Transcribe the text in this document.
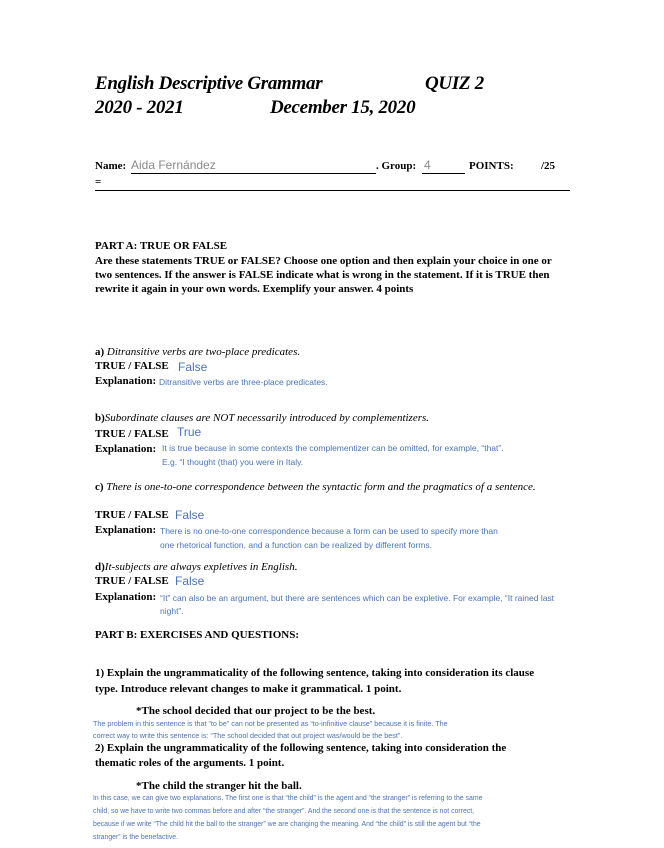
English Descriptive Grammar	QUIZ 2
2020 - 2021	December 15, 2020
Name: Aida Fernández	. Group: 4	POINTS: /25
=
PART A: TRUE OR FALSE
Are these statements TRUE or FALSE? Choose one option and then explain your choice in one or two sentences. If the answer is FALSE indicate what is wrong in the statement. If it is TRUE then rewrite it again in your own words. Exemplify your answer. 4 points
a) Ditransitive verbs are two-place predicates.
TRUE / FALSE False
Explanation: Ditransitive verbs are three-place predicates.
b)Subordinate clauses are NOT necessarily introduced by complementizers.
TRUE / FALSE True
Explanation: It is true because in some contexts the complementizer can be omitted, for example, “that”.
E.g. “I thought (that) you were in Italy.
c) There is one-to-one correspondence between the syntactic form and the pragmatics of a sentence.
TRUE / FALSE False
Explanation: There is no one-to-one correspondence because a form can be used to specify more than
one rhetorical function, and a function can be realized by different forms.
d)It-subjects are always expletives in English.
TRUE / FALSE False
Explanation: “It” can also be an argument, but there are sentences which can be expletive. For example, “It rained last
night”.
PART B: EXERCISES AND QUESTIONS:
1) Explain the ungrammaticality of the following sentence, taking into consideration its clause
type. Introduce relevant changes to make it grammatical. 1 point.
*The school decided that our project to be the best.
The problem in this sentence is that “to be” can not be presented as “to-infinitive clause” because it is finite. The
correct way to write this sentence is: “The school decided that out project was/would be the best”.
2) Explain the ungrammaticality of the following sentence, taking into consideration the
thematic roles of the arguments. 1 point.
*The child the stranger hit the ball.
In this case, we can give two explanations. The first one is that “the child” is the agent and “the stranger” is referring to the same
child, so we have to write two commas before and after “the stranger”. And the second one is that the sentence is not correct,
because if we write “The child hit the ball to the stranger” we are changing the meaning. And “the child” is still the agent but “the
stranger” is the benefactive.
